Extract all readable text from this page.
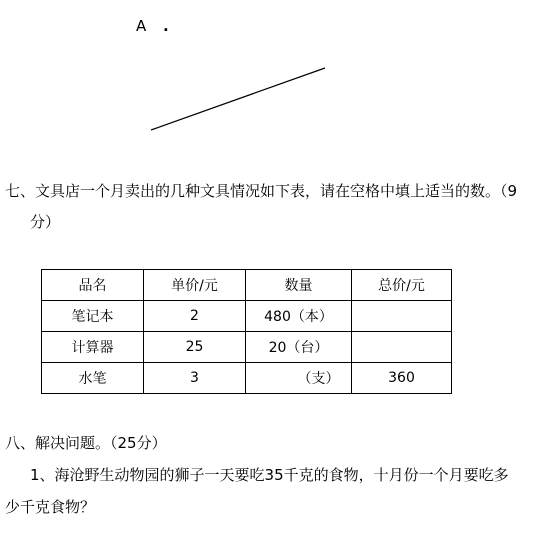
A .
七、文具店一个月卖出的几种文具情况如下表，请在空格中填上适当的数。（9
分）
品名	单价/元	数量	总价/元
笔记本	2	480（本）	
计算器	25	20（台）	
水笔	3	（支）	360
八、解决问题。（25分）
1、海沧野生动物园的狮子一天要吃35千克的食物，十月份一个月要吃多
少千克食物？
